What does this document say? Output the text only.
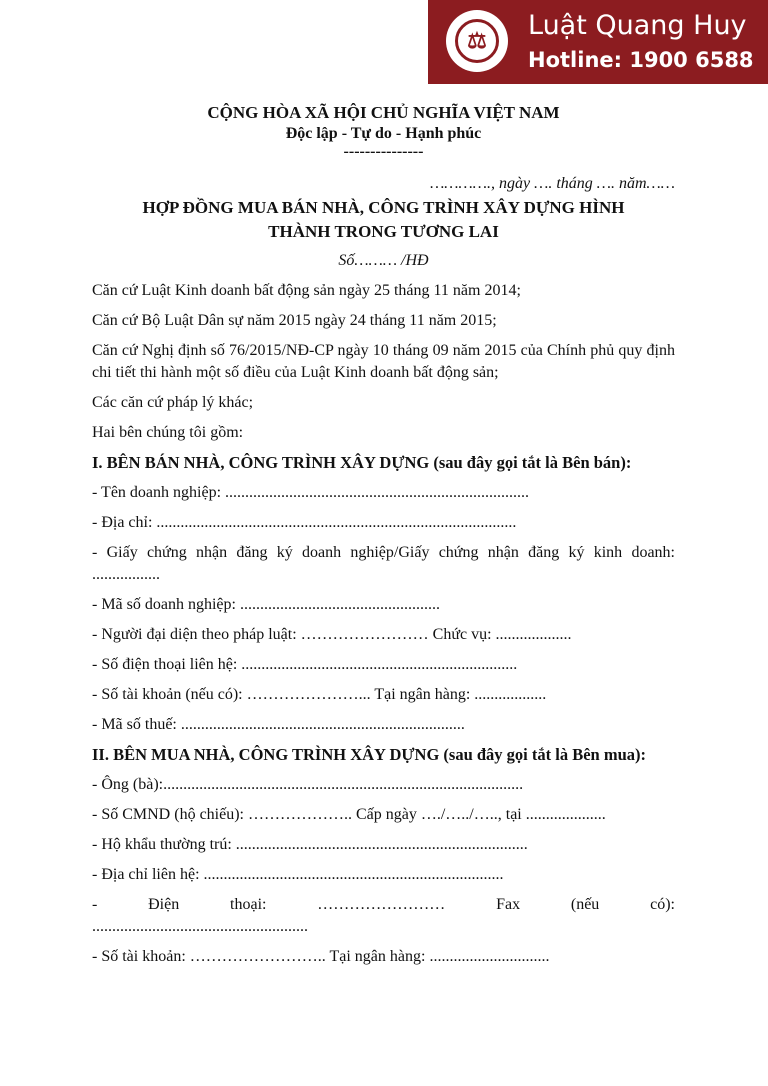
⚖	Luật Quang Huy
Hotline: 1900 6588
CỘNG HÒA XÃ HỘI CHỦ NGHĨA VIỆT NAM
Độc lập - Tự do - Hạnh phúc
---------------
…………., ngày …. tháng …. năm……
HỢP ĐỒNG MUA BÁN NHÀ, CÔNG TRÌNH XÂY DỰNG HÌNH
THÀNH TRONG TƯƠNG LAI
Số……… /HĐ

Căn cứ Luật Kinh doanh bất động sản ngày 25 tháng 11 năm 2014;

Căn cứ Bộ Luật Dân sự năm 2015 ngày 24 tháng 11 năm 2015;

Căn cứ Nghị định số 76/2015/NĐ-CP ngày 10 tháng 09 năm 2015 của Chính phủ quy định chi tiết thi hành một số điều của Luật Kinh doanh bất động sản;

Các căn cứ pháp lý khác;

Hai bên chúng tôi gồm:

I. BÊN BÁN NHÀ, CÔNG TRÌNH XÂY DỰNG (sau đây gọi tắt là Bên bán):

- Tên doanh nghiệp: ............................................................................

- Địa chỉ: ..........................................................................................

- Giấy chứng nhận đăng ký doanh nghiệp/Giấy chứng nhận đăng ký kinh doanh: .................

- Mã số doanh nghiệp: ..................................................

- Người đại diện theo pháp luật: …………………… Chức vụ: ...................

- Số điện thoại liên hệ: .....................................................................

- Số tài khoản (nếu có): …………………... Tại ngân hàng: ..................

- Mã số thuế: .......................................................................

II. BÊN MUA NHÀ, CÔNG TRÌNH XÂY DỰNG (sau đây gọi tắt là Bên mua):

- Ông (bà):..........................................................................................

- Số CMND (hộ chiếu): ……………….. Cấp ngày …./…../….., tại ....................

- Hộ khẩu thường trú: .........................................................................

- Địa chỉ liên hệ: ...........................................................................

-	Điện	thoại:	……………………	Fax	(nếu	có):

......................................................

- Số tài khoản: …………………….. Tại ngân hàng: ..............................
